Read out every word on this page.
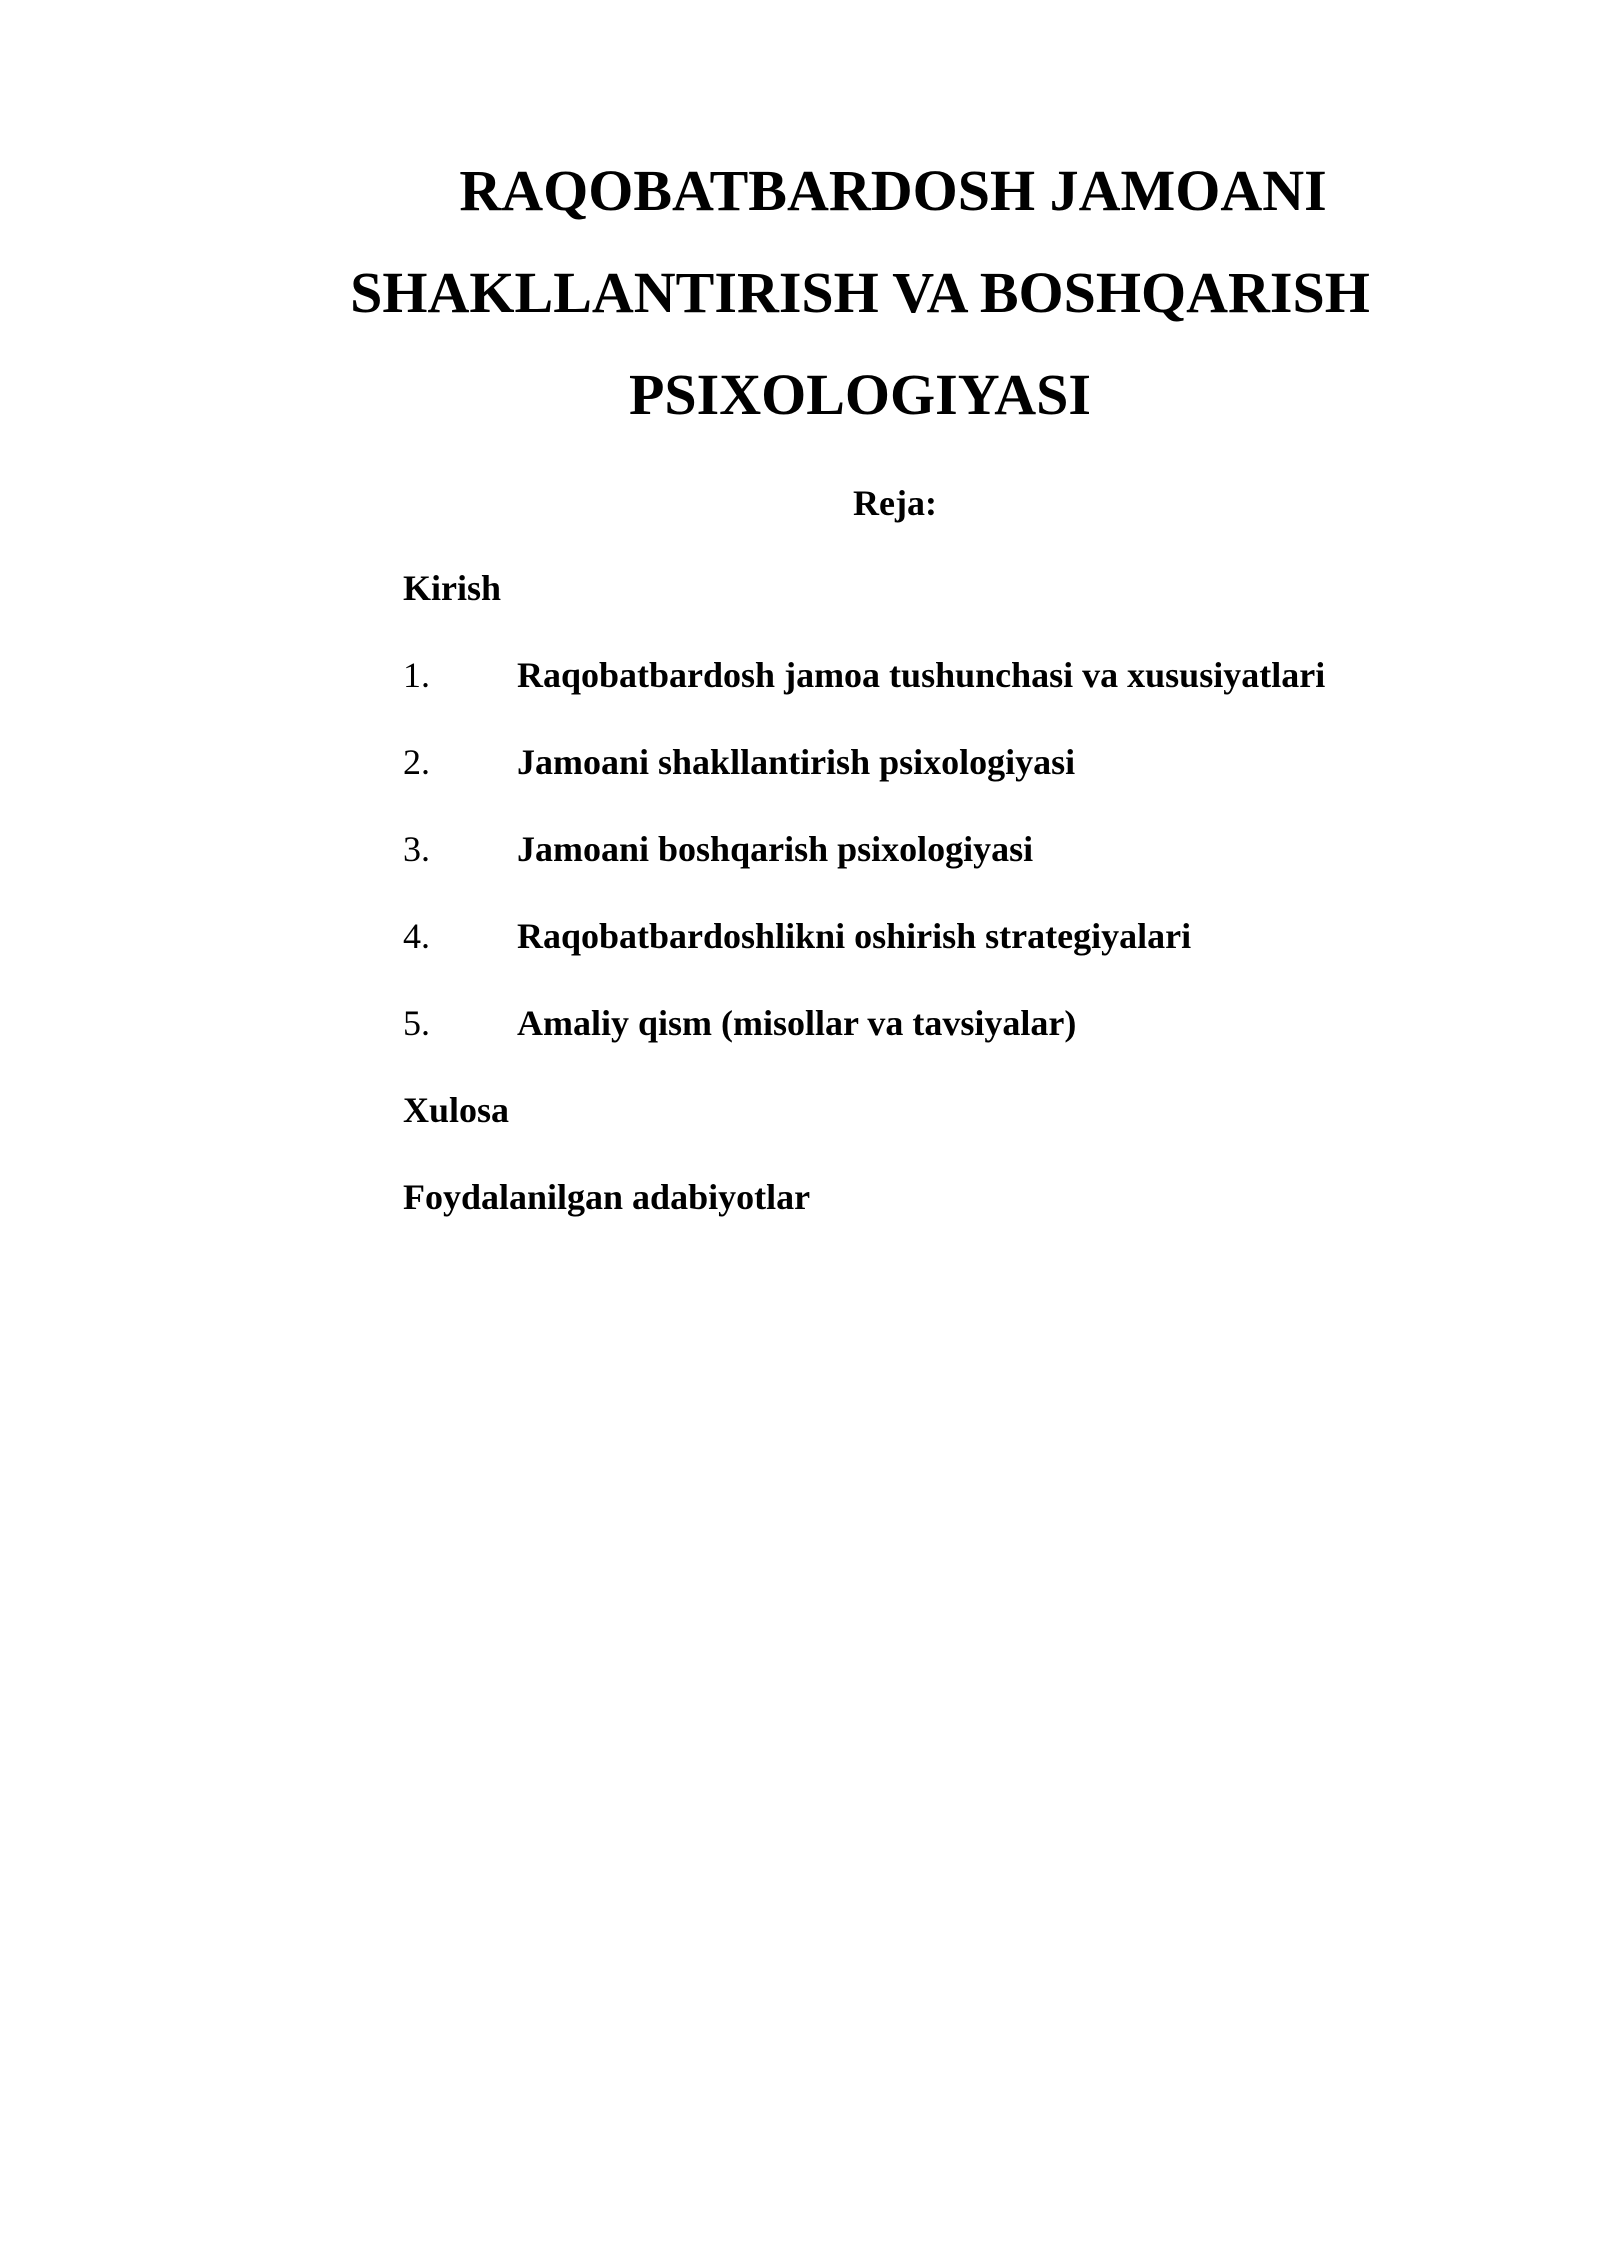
RAQOBATBARDOSH JAMOANI
SHAKLLANTIRISH VA BOSHQARISH
PSIXOLOGIYASI
Reja:
Kirish
1.	Raqobatbardosh jamoa tushunchasi va xususiyatlari
2.	Jamoani shakllantirish psixologiyasi
3.	Jamoani boshqarish psixologiyasi
4.	Raqobatbardoshlikni oshirish strategiyalari
5.	Amaliy qism (misollar va tavsiyalar)
Xulosa
Foydalanilgan adabiyotlar
